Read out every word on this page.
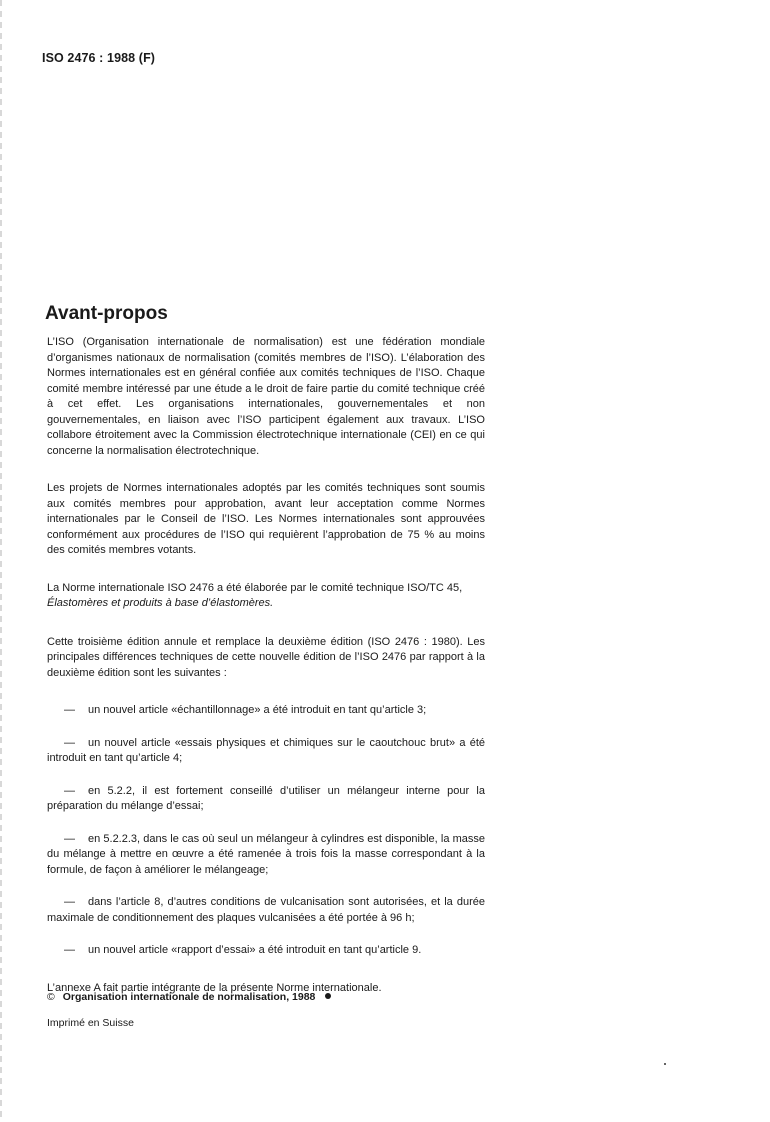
ISO 2476 : 1988 (F)
Avant-propos

L’ISO (Organisation internationale de normalisation) est une fédération mondiale d’organismes nationaux de normalisation (comités membres de l’ISO). L’élaboration des Normes internationales est en général confiée aux comités techniques de l’ISO. Chaque comité membre intéressé par une étude a le droit de faire partie du comité technique créé à cet effet. Les organisations internationales, gouvernementales et non gouvernementales, en liaison avec l’ISO participent également aux travaux. L’ISO collabore étroitement avec la Commission électrotechnique internationale (CEI) en ce qui concerne la normalisation électrotechnique.

Les projets de Normes internationales adoptés par les comités techniques sont soumis aux comités membres pour approbation, avant leur acceptation comme Normes internationales par le Conseil de l’ISO. Les Normes internationales sont approuvées conformément aux procédures de l’ISO qui requièrent l’approbation de 75 % au moins des comités membres votants.

La Norme internationale ISO 2476 a été élaborée par le comité technique ISO/TC 45,
Élastomères et produits à base d’élastomères.

Cette troisième édition annule et remplace la deuxième édition (ISO 2476 : 1980). Les principales différences techniques de cette nouvelle édition de l’ISO 2476 par rapport à la deuxième édition sont les suivantes :

— un nouvel article «échantillonnage» a été introduit en tant qu’article 3;
— un nouvel article «essais physiques et chimiques sur le caoutchouc brut» a été introduit en tant qu’article 4;
— en 5.2.2, il est fortement conseillé d’utiliser un mélangeur interne pour la préparation du mélange d’essai;
— en 5.2.2.3, dans le cas où seul un mélangeur à cylindres est disponible, la masse du mélange à mettre en œuvre a été ramenée à trois fois la masse correspondant à la formule, de façon à améliorer le mélangeage;
— dans l’article 8, d’autres conditions de vulcanisation sont autorisées, et la durée maximale de conditionnement des plaques vulcanisées a été portée à 96 h;
— un nouvel article «rapport d’essai» a été introduit en tant qu’article 9.

L’annexe A fait partie intégrante de la présente Norme internationale.

© Organisation internationale de normalisation, 1988
Imprimé en Suisse
